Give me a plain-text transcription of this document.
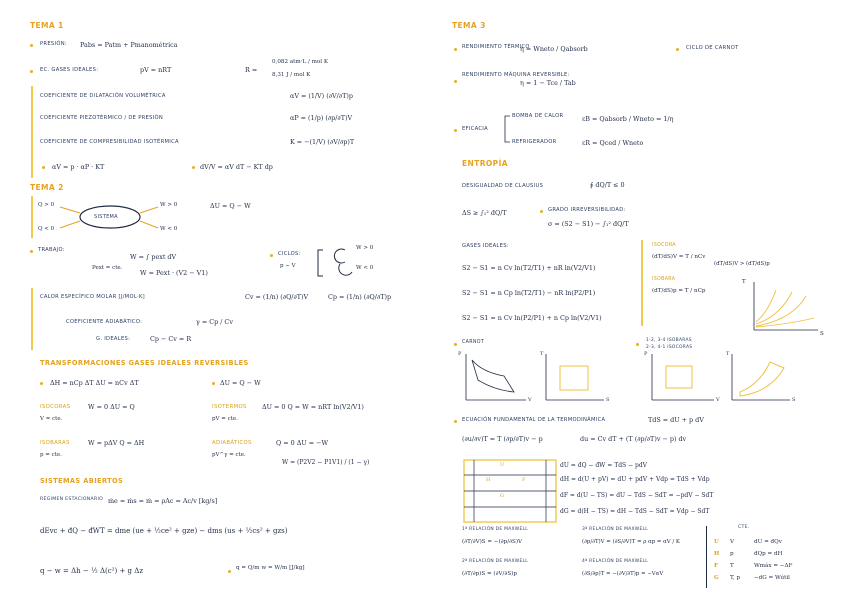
TEMA 1
PRESIÓN: Pabs = Patm + Pmanométrica
EC. GASES IDEALES:	pV = nRT	R =
0,082 atm·L / mol K
8,31 J / mol K
COEFICIENTE DE DILATACIÓN VOLUMÉTRICA	αV = (1/V) (∂V/∂T)p
COEFICIENTE PIEZOTÉRMICO / DE PRESIÓN	αP = (1/p) (∂p/∂T)V
COEFICIENTE DE COMPRESIBILIDAD ISOTÉRMICA	K = −(1/V) (∂V/∂p)T
αV = p · αP · KT	dV/V = αV dT − KT dp
TEMA 2
Q > 0
Q < 0
SISTEMA
W > 0
W < 0
ΔU = Q − W
TRABAJO:
W = ∫ pext dV
Pext = cte.
W = Pext · (V2 − V1)
CICLOS:
p − V
W > 0
W < 0
CALOR ESPECÍFICO MOLAR [J/MOL·K]	Cv = (1/n) (∂Q/∂T)V	Cp = (1/n) (∂Q/∂T)p
COEFICIENTE ADIABÁTICO:	γ = Cp / Cv
G. IDEALES:	Cp − Cv = R
TRANSFORMACIONES GASES IDEALES REVERSIBLES
ΔH = nCp ΔT ΔU = nCv ΔT	ΔU = Q − W
ISOCORAS	W = 0 ΔU = Q
V = cte.
ISOTERMOS ΔU = 0 Q = W = nRT ln(V2/V1)
pV = cte.
ISOBARAS	W = pΔV Q = ΔH
p = cte.
ADIABÁTICOS	Q = 0 ΔU = −W
pV^γ = cte.
W = (P2V2 − P1V1) / (1 − γ)
SISTEMAS ABIERTOS
RÉGIMEN ESTACIONARIO ṁe = ṁs = ṁ = ρAc = Ac/v [kg/s]
dEvc + đQ − đWT = dme (ue + ½ce² + gze) − dms (us + ½cs² + gzs)
q − w = Δh − ½ Δ(c²) + g Δz	q = Q/m w = W/m [J/kg]
TEMA 3
RENDIMIENTO TÉRMICO
η = Wneto / Qabsorb	CICLO DE CARNOT
RENDIMIENTO MÁQUINA REVERSIBLE:
η = 1 − Tce / Tab
BOMBA DE CALOR	εB = Qabsorb / Wneto = 1/η
EFICACIA
REFRIGERADOR	εR = Qced / Wneto
ENTROPÍA
DESIGUALDAD DE CLAUSIUS	∮ đQ/T ≤ 0
ΔS ≥ ∫₁² đQ/T	GRADO IRREVERSIBILIDAD:
σ = (S2 − S1) − ∫₁² đQ/T
GASES IDEALES:
S2 − S1 = n Cv ln(T2/T1) + nR ln(V2/V1)
S2 − S1 = n Cp ln(T2/T1) − nR ln(P2/P1)
S2 − S1 = n Cv ln(P2/P1) + n Cp ln(V2/V1)
ISOCORA
(dT/dS)V = T / nCv
ISOBARA
(dT/dS)p = T / nCp
(dT/dS)V > (dT/dS)p
T
S
CARNOT	1-2, 3-4 ISOBARAS
2-3, 4-1 ISOCORAS
P
V
T
S
P
V
T
S
ECUACIÓN FUNDAMENTAL DE LA TERMODINÁMICA	TdS = dU + p dV
(∂u/∂v)T = T (∂p/∂T)v − p	du = Cv dT + (T (∂p/∂T)v − p) dv
U
H	F
G
dU = đQ − đW = TdS − pdV
dH = d(U + pV) = dU + pdV + Vdp = TdS + Vdp
dF = d(U − TS) = dU − TdS − SdT = −pdV − SdT
dG = d(H − TS) = dH − TdS − SdT = Vdp − SdT
1ª RELACIÓN DE MAXWELL
(∂T/∂V)S = −(∂p/∂S)V
3ª RELACIÓN DE MAXWELL
(∂p/∂T)V = (∂S/∂V)T = ρ αp = αV / K
2ª RELACIÓN DE MAXWELL
(∂T/∂p)S = (∂V/∂S)p
4ª RELACIÓN DE MAXWELL
(∂S/∂p)T = −(∂V/∂T)p = −VαV
CTE.
U	V	dU = đQv
H	p	đQp = dH
F	T	Wmáx = −ΔF
G	T, p	−dG = Wútil
